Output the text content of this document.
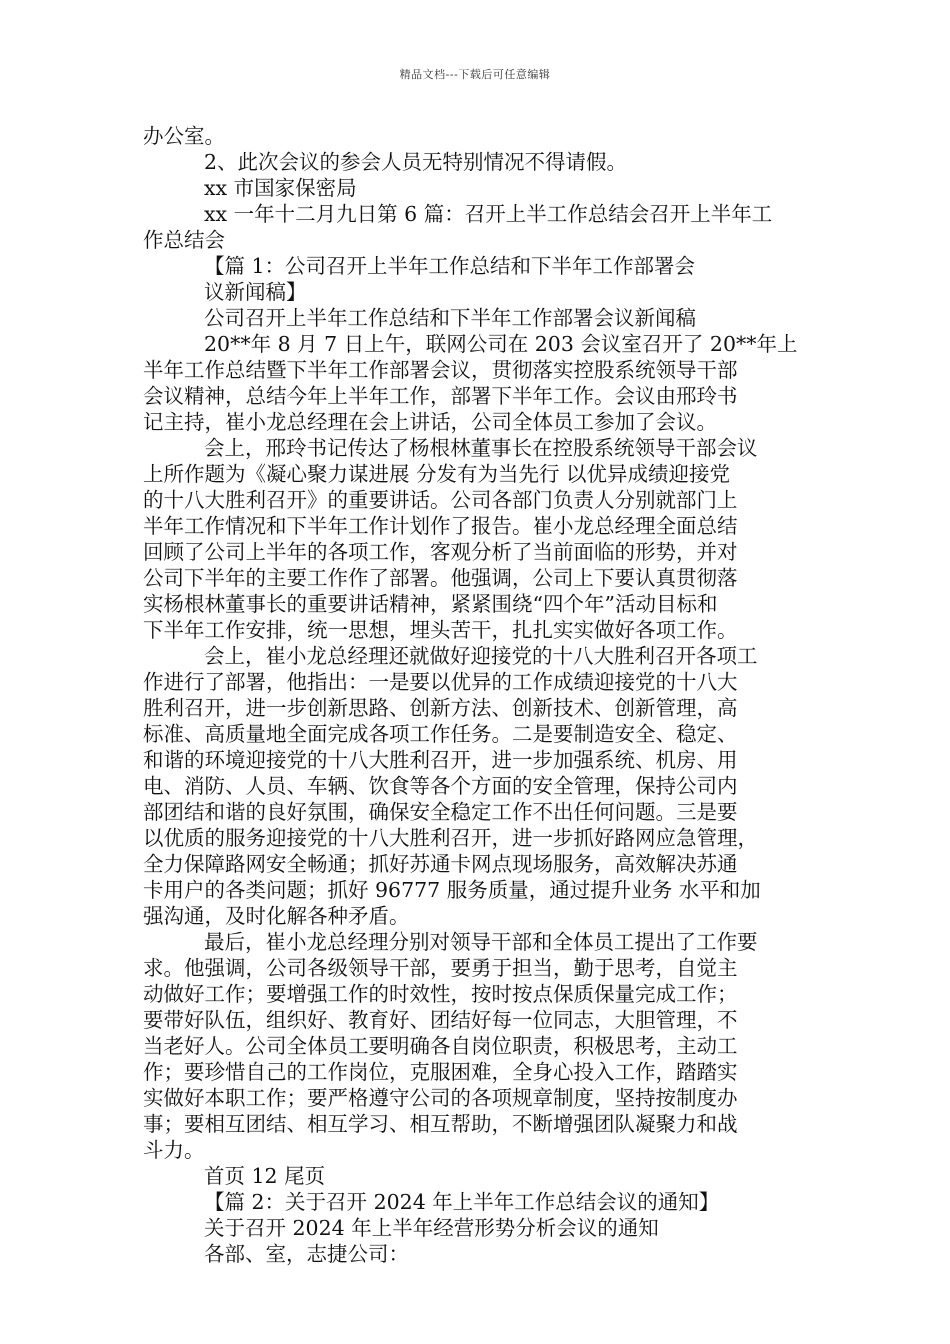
精品文档---下载后可任意编辑
办公室。
2、此次会议的参会人员无特别情况不得请假。
xx 市国家保密局
xx 一年十二月九日第 6 篇：召开上半工作总结会召开上半年工
作总结会
【篇 1：公司召开上半年工作总结和下半年工作部署会
议新闻稿】
公司召开上半年工作总结和下半年工作部署会议新闻稿
20**年 8 月 7 日上午，联网公司在 203 会议室召开了 20**年上
半年工作总结暨下半年工作部署会议，贯彻落实控股系统领导干部
会议精神，总结今年上半年工作，部署下半年工作。会议由邢玲书
记主持，崔小龙总经理在会上讲话，公司全体员工参加了会议。
会上，邢玲书记传达了杨根林董事长在控股系统领导干部会议
上所作题为《凝心聚力谋进展 分发有为当先行 以优异成绩迎接党
的十八大胜利召开》的重要讲话。公司各部门负责人分别就部门上
半年工作情况和下半年工作计划作了报告。崔小龙总经理全面总结
回顾了公司上半年的各项工作，客观分析了当前面临的形势，并对
公司下半年的主要工作作了部署。他强调，公司上下要认真贯彻落
实杨根林董事长的重要讲话精神，紧紧围绕“四个年”活动目标和
下半年工作安排，统一思想，埋头苦干，扎扎实实做好各项工作。
会上，崔小龙总经理还就做好迎接党的十八大胜利召开各项工
作进行了部署，他指出：一是要以优异的工作成绩迎接党的十八大
胜利召开，进一步创新思路、创新方法、创新技术、创新管理，高
标准、高质量地全面完成各项工作任务。二是要制造安全、稳定、
和谐的环境迎接党的十八大胜利召开，进一步加强系统、机房、用
电、消防、人员、车辆、饮食等各个方面的安全管理，保持公司内
部团结和谐的良好氛围，确保安全稳定工作不出任何问题。三是要
以优质的服务迎接党的十八大胜利召开，进一步抓好路网应急管理，
全力保障路网安全畅通；抓好苏通卡网点现场服务，高效解决苏通
卡用户的各类问题；抓好 96777 服务质量，通过提升业务 水平和加
强沟通，及时化解各种矛盾。
最后，崔小龙总经理分别对领导干部和全体员工提出了工作要
求。他强调，公司各级领导干部，要勇于担当，勤于思考，自觉主
动做好工作；要增强工作的时效性，按时按点保质保量完成工作；
要带好队伍，组织好、教育好、团结好每一位同志，大胆管理，不
当老好人。公司全体员工要明确各自岗位职责，积极思考，主动工
作；要珍惜自己的工作岗位，克服困难，全身心投入工作，踏踏实
实做好本职工作；要严格遵守公司的各项规章制度，坚持按制度办
事；要相互团结、相互学习、相互帮助，不断增强团队凝聚力和战
斗力。
首页 12 尾页
【篇 2：关于召开 2024 年上半年工作总结会议的通知】
关于召开 2024 年上半年经营形势分析会议的通知
各部、室，志捷公司：
